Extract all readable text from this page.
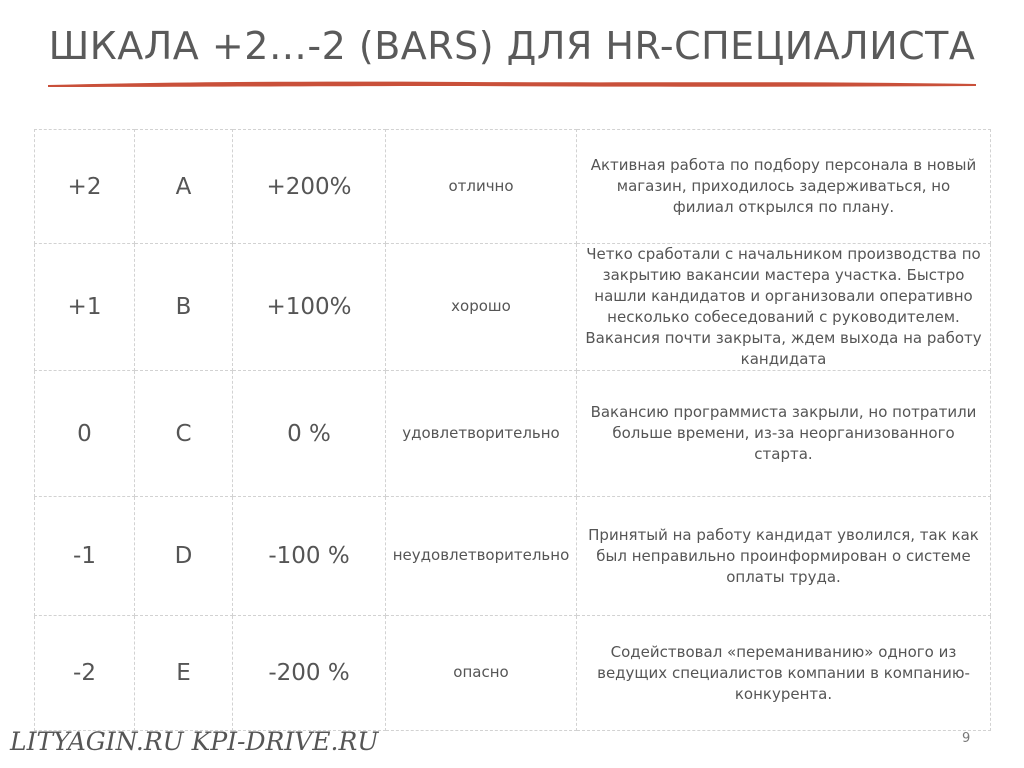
ШКАЛА +2…-2 (BARS) ДЛЯ HR-СПЕЦИАЛИСТА
+2	A	+200%	отлично	Активная работа по подбору персонала в новый магазин, приходилось задерживаться, но филиал открылся по плану.
+1	B	+100%	хорошо	Четко сработали с начальником производства по закрытию вакансии мастера участка. Быстро нашли кандидатов и организовали оперативно несколько собеседований с руководителем. Вакансия почти закрыта, ждем выхода на работу кандидата
0	C	0 %	удовлетворительно	Вакансию программиста закрыли, но потратили больше времени, из-за неорганизованного старта.
-1	D	-100 %	неудовлетворительно	Принятый на работу кандидат уволился, так как был неправильно проинформирован о системе оплаты труда.
-2	E	-200 %	опасно	Содействовал «переманиванию» одного из ведущих специалистов компании в компанию-конкурента.
LITYAGIN.RU KPI-DRIVE.RU	9
